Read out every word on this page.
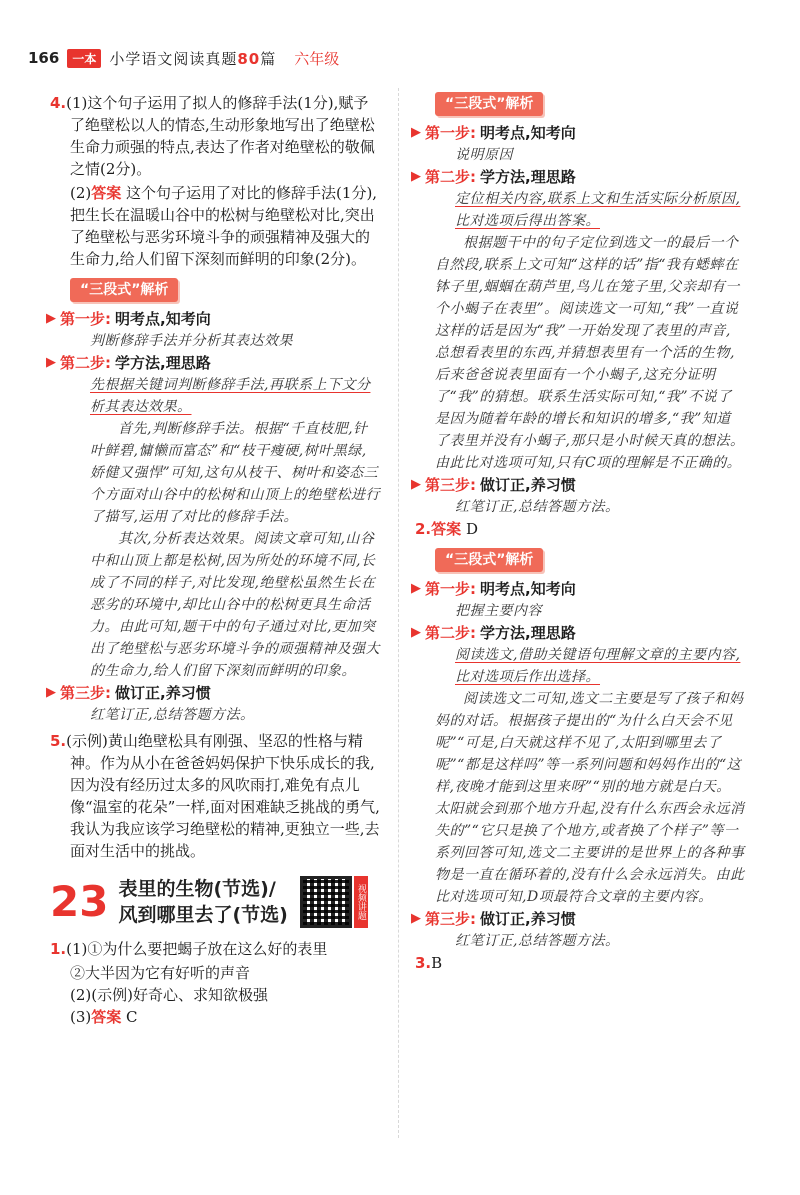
166	一本 小学语文阅读真题80篇 六年级
4.(1)这个句子运用了拟人的修辞手法(1分),赋予了绝壁松以人的情态,生动形象地写出了绝壁松生命力顽强的特点,表达了作者对绝壁松的敬佩之情(2分)。
(2)答案 这个句子运用了对比的修辞手法(1分),把生长在温暖山谷中的松树与绝壁松对比,突出了绝壁松与恶劣环境斗争的顽强精神及强大的生命力,给人们留下深刻而鲜明的印象(2分)。
“三段式”解析
▶ 第一步: 明考点,知考向
判断修辞手法并分析其表达效果
▶ 第二步: 学方法,理思路
先根据关键词判断修辞手法,再联系上下文分析其表达效果。
首先,判断修辞手法。根据“千直枝肥,针叶鲜碧,慵懒而富态”和“枝干瘦硬,树叶黑绿,娇健又强悍”可知,这句从枝干、树叶和姿态三个方面对山谷中的松树和山顶上的绝壁松进行了描写,运用了对比的修辞手法。
其次,分析表达效果。阅读文章可知,山谷中和山顶上都是松树,因为所处的环境不同,长成了不同的样子,对比发现,绝壁松虽然生长在恶劣的环境中,却比山谷中的松树更具生命活力。由此可知,题干中的句子通过对比,更加突出了绝壁松与恶劣环境斗争的顽强精神及强大的生命力,给人们留下深刻而鲜明的印象。
▶ 第三步: 做订正,养习惯
红笔订正,总结答题方法。
5.(示例)黄山绝壁松具有刚强、坚忍的性格与精神。作为从小在爸爸妈妈保护下快乐成长的我,因为没有经历过太多的风吹雨打,难免有点儿像“温室的花朵”一样,面对困难缺乏挑战的勇气,我认为我应该学习绝壁松的精神,更独立一些,去面对生活中的挑战。
23 表里的生物(节选)/
风到哪里去了(节选)	视频讲题
1.(1)①为什么要把蝎子放在这么好的表里
②大半因为它有好听的声音
(2)(示例)好奇心、求知欲极强
(3)答案 C
“三段式”解析
▶ 第一步: 明考点,知考向
说明原因
▶ 第二步: 学方法,理思路
定位相关内容,联系上文和生活实际分析原因,比对选项后得出答案。
根据题干中的句子定位到选文一的最后一个自然段,联系上文可知“这样的话”指“我有蟋蟀在钵子里,蝈蝈在葫芦里,鸟儿在笼子里,父亲却有一个小蝎子在表里”。阅读选文一可知,“我”一直说这样的话是因为“我”一开始发现了表里的声音,总想看表里的东西,并猜想表里有一个活的生物,后来爸爸说表里面有一个小蝎子,这充分证明了“我”的猜想。联系生活实际可知,“我”不说了是因为随着年龄的增长和知识的增多,“我”知道了表里并没有小蝎子,那只是小时候天真的想法。由此比对选项可知,只有C项的理解是不正确的。
▶ 第三步: 做订正,养习惯
红笔订正,总结答题方法。
2.答案 D
“三段式”解析
▶ 第一步: 明考点,知考向
把握主要内容
▶ 第二步: 学方法,理思路
阅读选文,借助关键语句理解文章的主要内容,比对选项后作出选择。
阅读选文二可知,选文二主要是写了孩子和妈妈的对话。根据孩子提出的“为什么白天会不见呢”“可是,白天就这样不见了,太阳到哪里去了呢”“都是这样吗”等一系列问题和妈妈作出的“这样,夜晚才能到这里来呀”“别的地方就是白天。太阳就会到那个地方升起,没有什么东西会永远消失的”“它只是换了个地方,或者换了个样子”等一系列回答可知,选文二主要讲的是世界上的各种事物是一直在循环着的,没有什么会永远消失。由此比对选项可知,D项最符合文章的主要内容。
▶ 第三步: 做订正,养习惯
红笔订正,总结答题方法。
3.B
